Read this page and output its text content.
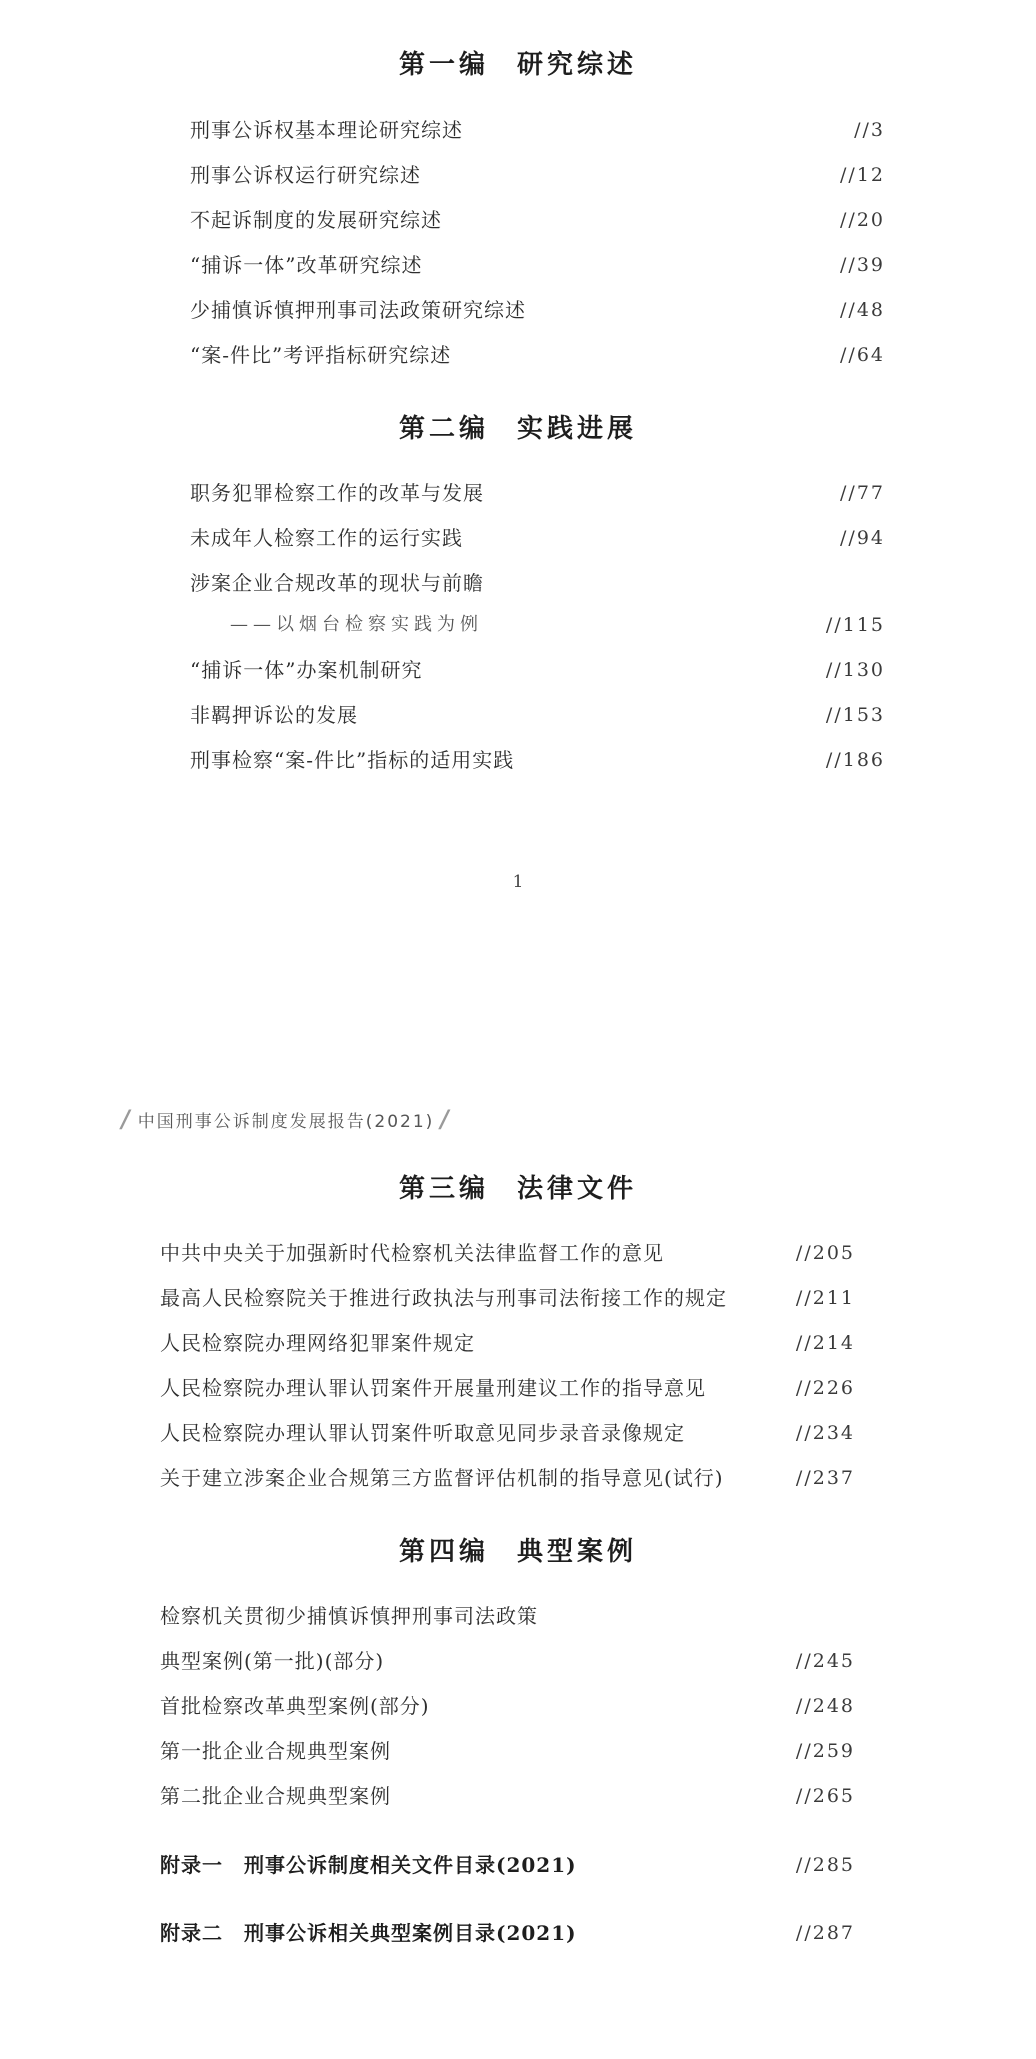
第一编 研究综述
刑事公诉权基本理论研究综述	//3
刑事公诉权运行研究综述	//12
不起诉制度的发展研究综述	//20
“捕诉一体”改革研究综述	//39
少捕慎诉慎押刑事司法政策研究综述	//48
“案-件比”考评指标研究综述	//64
第二编 实践进展
职务犯罪检察工作的改革与发展	//77
未成年人检察工作的运行实践	//94
涉案企业合规改革的现状与前瞻
——以烟台检察实践为例	//115
“捕诉一体”办案机制研究	//130
非羁押诉讼的发展	//153
刑事检察“案-件比”指标的适用实践	//186
1
/ 中国刑事公诉制度发展报告(2021) /
第三编 法律文件
中共中央关于加强新时代检察机关法律监督工作的意见	//205
最高人民检察院关于推进行政执法与刑事司法衔接工作的规定	//211
人民检察院办理网络犯罪案件规定	//214
人民检察院办理认罪认罚案件开展量刑建议工作的指导意见	//226
人民检察院办理认罪认罚案件听取意见同步录音录像规定	//234
关于建立涉案企业合规第三方监督评估机制的指导意见(试行)	//237
第四编 典型案例
检察机关贯彻少捕慎诉慎押刑事司法政策
典型案例(第一批)(部分)	//245
首批检察改革典型案例(部分)	//248
第一批企业合规典型案例	//259
第二批企业合规典型案例	//265
附录一　刑事公诉制度相关文件目录(2021)	//285
附录二　刑事公诉相关典型案例目录(2021)	//287
